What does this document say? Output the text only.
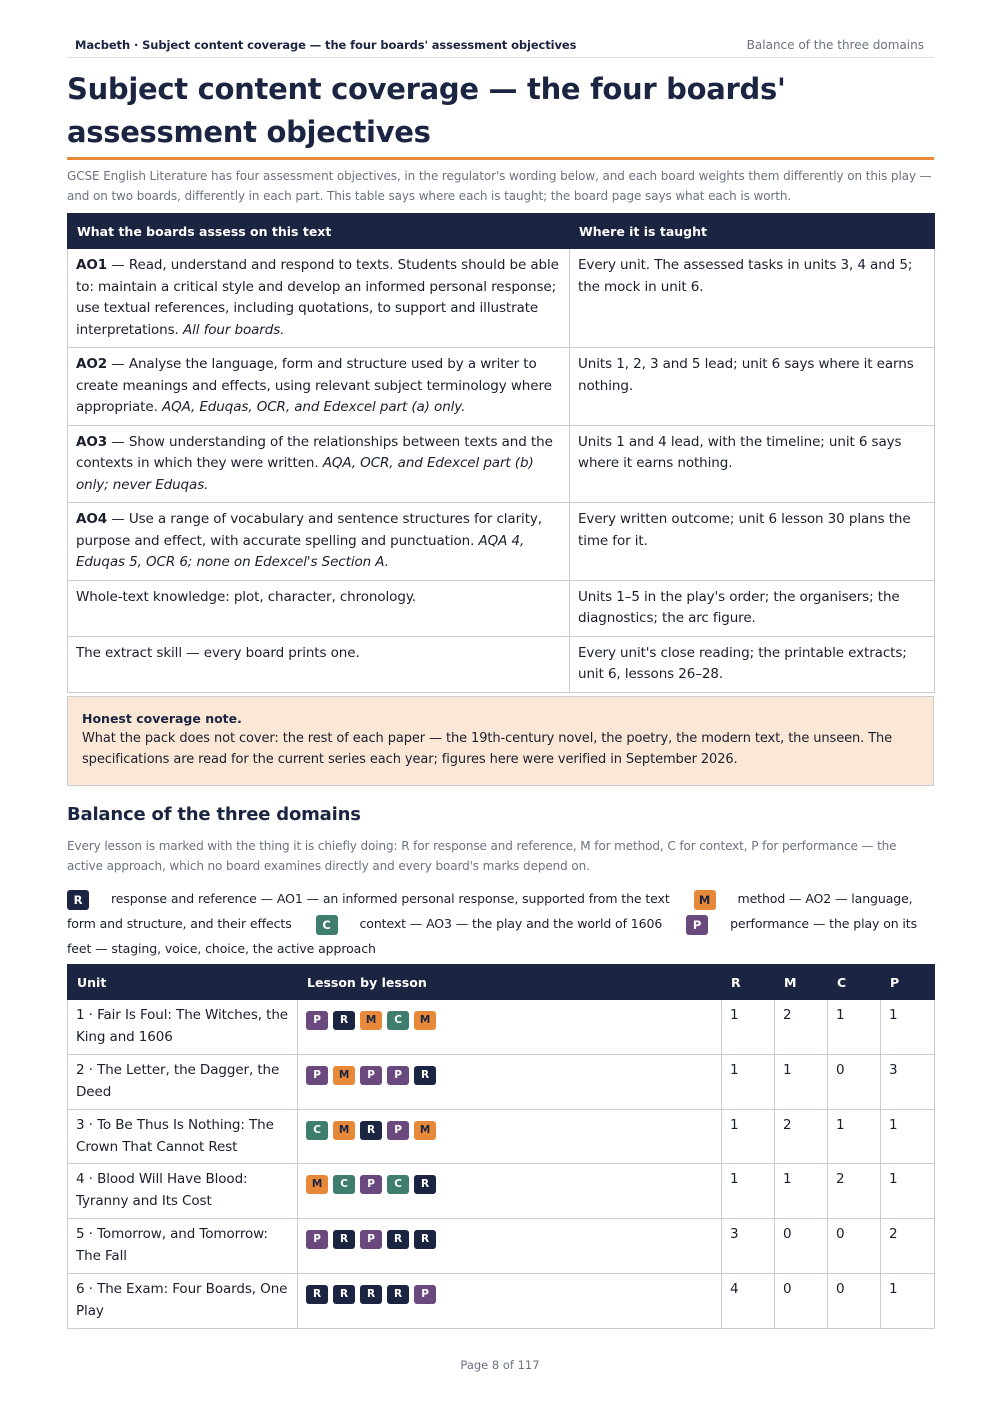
Macbeth · Subject content coverage — the four boards' assessment objectives	Balance of the three domains
Subject content coverage — the four boards' assessment objectives

GCSE English Literature has four assessment objectives, in the regulator's wording below, and each board weights them differently on this play — and on two boards, differently in each part. This table says where each is taught; the board page says what each is worth.

What the boards assess on this text	Where it is taught
AO1 — Read, understand and respond to texts. Students should be able to: maintain a critical style and develop an informed personal response; use textual references, including quotations, to support and illustrate interpretations. All four boards.	Every unit. The assessed tasks in units 3, 4 and 5; the mock in unit 6.
AO2 — Analyse the language, form and structure used by a writer to create meanings and effects, using relevant subject terminology where appropriate. AQA, Eduqas, OCR, and Edexcel part (a) only.	Units 1, 2, 3 and 5 lead; unit 6 says where it earns nothing.
AO3 — Show understanding of the relationships between texts and the contexts in which they were written. AQA, OCR, and Edexcel part (b) only; never Eduqas.	Units 1 and 4 lead, with the timeline; unit 6 says where it earns nothing.
AO4 — Use a range of vocabulary and sentence structures for clarity, purpose and effect, with accurate spelling and punctuation. AQA 4, Eduqas 5, OCR 6; none on Edexcel's Section A.	Every written outcome; unit 6 lesson 30 plans the time for it.
Whole-text knowledge: plot, character, chronology.	Units 1–5 in the play's order; the organisers; the diagnostics; the arc figure.
The extract skill — every board prints one.	Every unit's close reading; the printable extracts; unit 6, lessons 26–28.
Honest coverage note.
What the pack does not cover: the rest of each paper — the 19th-century novel, the poetry, the modern text, the unseen. The specifications are read for the current series each year; figures here were verified in September 2026.
Balance of the three domains

Every lesson is marked with the thing it is chiefly doing: R for response and reference, M for method, C for context, P for performance — the active approach, which no board examines directly and every board's marks depend on.

R response and reference — AO1 — an informed personal response, supported from the text	M method — AO2 — language, form and structure, and their effects	C context — AO3 — the play and the world of 1606	P performance — the play on its feet — staging, voice, choice, the active approach
Unit	Lesson by lesson	R	M	C	P
1 · Fair Is Foul: The Witches, the King and 1606	P R M C M	1	2	1	1
2 · The Letter, the Dagger, the Deed	P M P P R	1	1	0	3
3 · To Be Thus Is Nothing: The Crown That Cannot Rest	C M R P M	1	2	1	1
4 · Blood Will Have Blood: Tyranny and Its Cost	M C P C R	1	1	2	1
5 · Tomorrow, and Tomorrow: The Fall	P R P R R	3	0	0	2
6 · The Exam: Four Boards, One Play	R R R R P	4	0	0	1
Page 8 of 117
